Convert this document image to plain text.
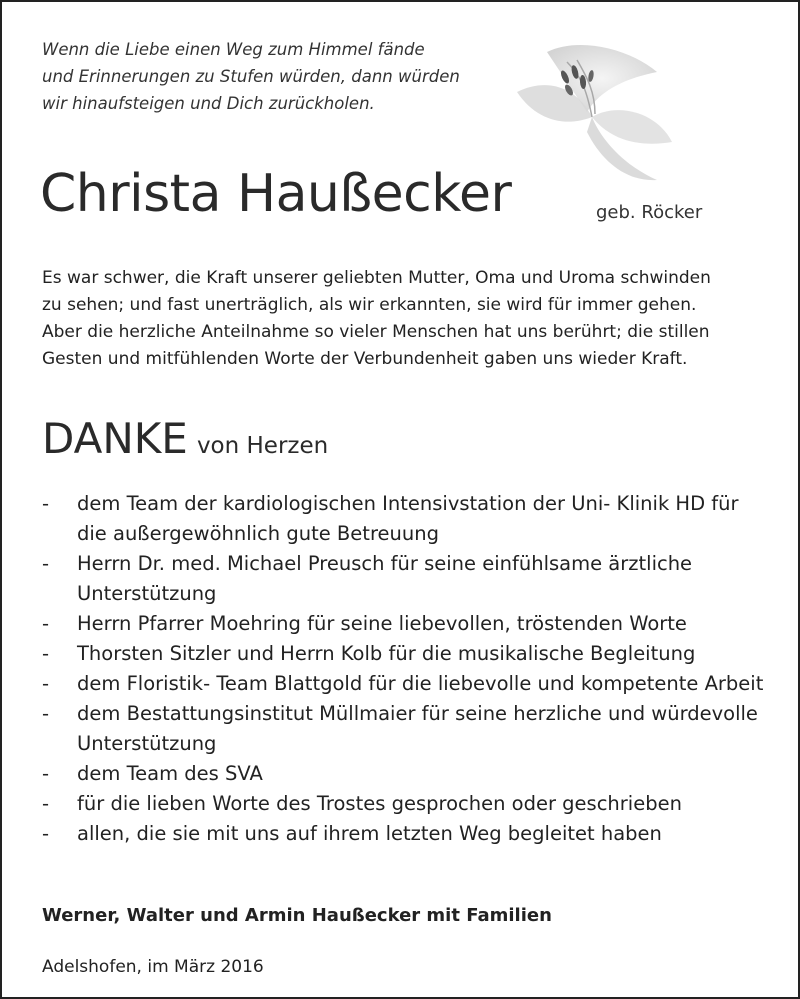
Wenn die Liebe einen Weg zum Himmel fände
und Erinnerungen zu Stufen würden, dann würden
wir hinaufsteigen und Dich zurückholen.
Christa Haußecker	geb. Röcker
Es war schwer, die Kraft unserer geliebten Mutter, Oma und Uroma schwinden
zu sehen; und fast unerträglich, als wir erkannten, sie wird für immer gehen.
Aber die herzliche Anteilnahme so vieler Menschen hat uns berührt; die stillen
Gesten und mitfühlenden Worte der Verbundenheit gaben uns wieder Kraft.
DANKE von Herzen
- dem Team der kardiologischen Intensivstation der Uni- Klinik HD für die außergewöhnlich gute Betreuung
- Herrn Dr. med. Michael Preusch für seine einfühlsame ärztliche Unterstützung
- Herrn Pfarrer Moehring für seine liebevollen, tröstenden Worte
- Thorsten Sitzler und Herrn Kolb für die musikalische Begleitung
- dem Floristik- Team Blattgold für die liebevolle und kompetente Arbeit
- dem Bestattungsinstitut Müllmaier für seine herzliche und würdevolle Unterstützung
- dem Team des SVA
- für die lieben Worte des Trostes gesprochen oder geschrieben
- allen, die sie mit uns auf ihrem letzten Weg begleitet haben
Werner, Walter und Armin Haußecker mit Familien
Adelshofen, im März 2016
